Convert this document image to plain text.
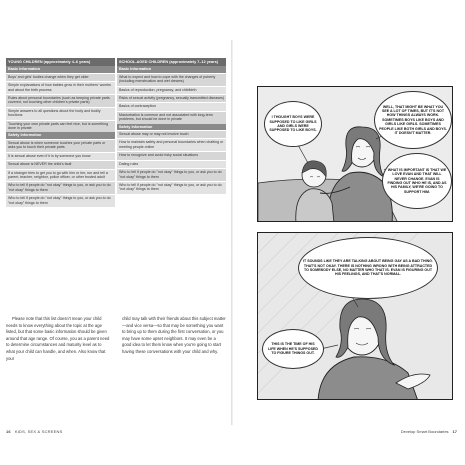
YOUNG CHILDREN (approximately 4–6 years)
Basic Information
Boys' and girls' bodies change when they get older
Simple explanations of how babies grow in their mothers' wombs and about the birth process
Rules about personal boundaries (such as keeping private parts covered, not touching other children's private parts)
Simple answers to all questions about the body and bodily functions
Touching your own private parts can feel nice, but is something done in private
Safety Information
Sexual abuse is when someone touches your private parts or asks you to touch their private parts
It is sexual abuse even if it is by someone you know
Sexual abuse is NEVER the child's fault
If a stranger tries to get you to go with him or her, run and tell a parent, teacher, neighbor, police officer, or other trusted adult
Who to tell if people do "not okay" things to you, or ask you to do "not okay" things to them
Who to tell if people do "not okay" things to you, or ask you to do "not okay" things to them
SCHOOL-AGED CHILDREN (approximately 7–12 years)
Basic Information
What to expect and how to cope with the changes of puberty (including menstruation and wet dreams)
Basics of reproduction, pregnancy, and childbirth
Risks of sexual activity (pregnancy, sexually transmitted diseases)
Basics of contraception
Masturbation is common and not associated with long-term problems, but should be done in private
Safety Information
Sexual abuse may or may not involve touch
How to maintain safety and personal boundaries when chatting or meeting people online
How to recognize and avoid risky social situations
Dating rules
Who to tell if people do "not okay" things to you, or ask you to do "not okay" things to them
Who to tell if people do "not okay" things to you, or ask you to do "not okay" things to them

Please note that this list doesn't mean your child needs to know everything about the topic at the age listed, but that some basic information should be given around that age range. Of course, you as a parent need to determine circumstances and maturity level as to what your child can handle, and when. Also know that your

child may talk with their friends about this subject matter—and vice versa—so that may be something you want to bring up to them during the first conversation, or you may have some upset neighbors. It may even be a good idea to let them know when you're going to start having these conversations with your child and why.

16 KIDS, SEX & SCREENS
I THOUGHT BOYS WERE SUPPOSED TO LIKE GIRLS AND GIRLS WERE SUPPOSED TO LIKE BOYS.
WELL, THAT MIGHT BE WHAT YOU SEE A LOT OF TIMES, BUT IT'S NOT HOW THINGS ALWAYS WORK. SOMETIMES BOYS LIKE BOYS AND GIRLS LIKE GIRLS. SOMETIMES PEOPLE LIKE BOTH GIRLS AND BOYS. IT DOESN'T MATTER.
WHAT IS IMPORTANT IS THAT WE LOVE EVAN AND THAT WILL NEVER CHANGE. EVAN IS FINDING OUT WHO HE IS, AND AS HIS FAMILY, WE'RE GOING TO SUPPORT HIM.
IT SOUNDS LIKE THEY ARE TALKING ABOUT BEING GAY AS A BAD THING. THAT'S NOT OKAY. THERE IS NOTHING WRONG WITH BEING ATTRACTED TO SOMEBODY ELSE, NO MATTER WHO THAT IS. EVAN IS FIGURING OUT HIS FEELINGS, AND THAT'S NORMAL.
THIS IS THE TIME OF HIS LIFE WHEN HE'S SUPPOSED TO FIGURE THINGS OUT.
Develop Smart Boundaries 17
